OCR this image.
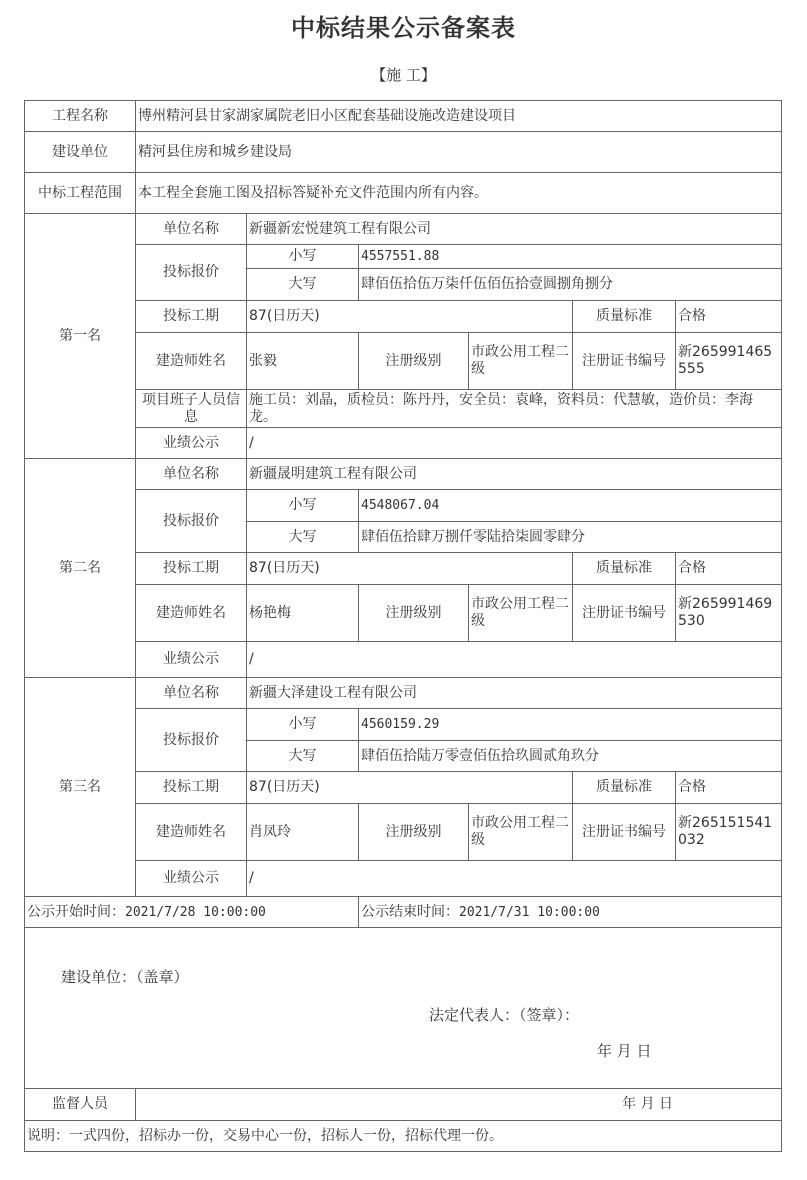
中标结果公示备案表
【施 工】
工程名称	博州精河县甘家湖家属院老旧小区配套基础设施改造建设项目					
建设单位	精河县住房和城乡建设局					
中标工程范围	本工程全套施工图及招标答疑补充文件范围内所有内容。					
第一名	单位名称	新疆新宏悦建筑工程有限公司				
	投标报价	小写	4557551.88			
		大写	肆佰伍拾伍万柒仟伍佰伍拾壹圆捌角捌分			
	投标工期	87(日历天)			质量标准	合格
	建造师姓名	张毅	注册级别	市政公用工程二级	注册证书编号	新265991465555
	项目班子人员信息	施工员：刘晶，质检员：陈丹丹，安全员：袁峰，资料员：代慧敏，造价员：李海龙。				
	业绩公示	/				

第二名	单位名称	新疆晟明建筑工程有限公司				
	投标报价	小写	4548067.04			
		大写	肆佰伍拾肆万捌仟零陆拾柒圆零肆分			
	投标工期	87(日历天)			质量标准	合格
	建造师姓名	杨艳梅	注册级别	市政公用工程二级	注册证书编号	新265991469530
	业绩公示	/				

第三名	单位名称	新疆大泽建设工程有限公司				
	投标报价	小写	4560159.29			
		大写	肆佰伍拾陆万零壹佰伍拾玖圆贰角玖分			
	投标工期	87(日历天)			质量标准	合格
	建造师姓名	肖凤玲	注册级别	市政公用工程二级	注册证书编号	新265151541032
	业绩公示	/				

公示开始时间：2021/7/28 10:00:00			公示结束时间：2021/7/31 10:00:00			

建设单位：（盖章）
法定代表人：（签章）：
年 月 日						

监督人员	年 月 日					
说明：一式四份，招标办一份，交易中心一份，招标人一份，招标代理一份。						
